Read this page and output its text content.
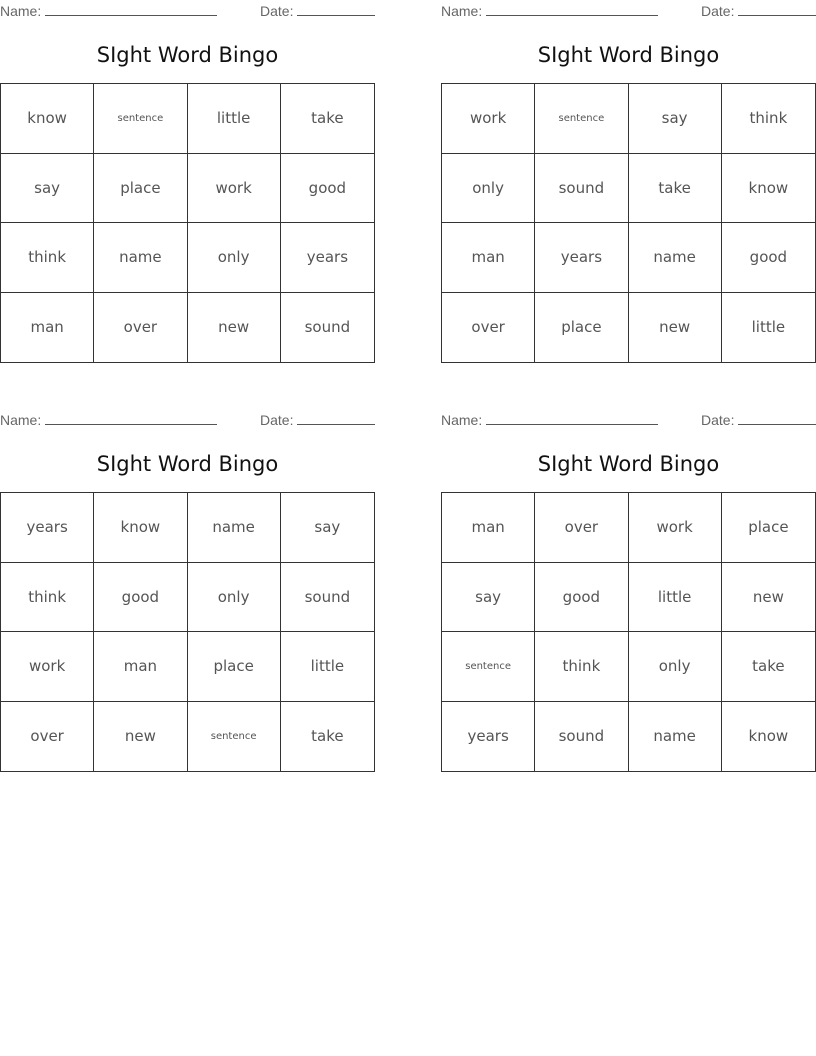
Name:	Date:
SIght Word Bingo
know	sentence	little	take
say	place	work	good
think	name	only	years
man	over	new	sound
Name:	Date:
SIght Word Bingo
work	sentence	say	think
only	sound	take	know
man	years	name	good
over	place	new	little
Name:	Date:
SIght Word Bingo
years	know	name	say
think	good	only	sound
work	man	place	little
over	new	sentence	take
Name:	Date:
SIght Word Bingo
man	over	work	place
say	good	little	new
sentence	think	only	take
years	sound	name	know
